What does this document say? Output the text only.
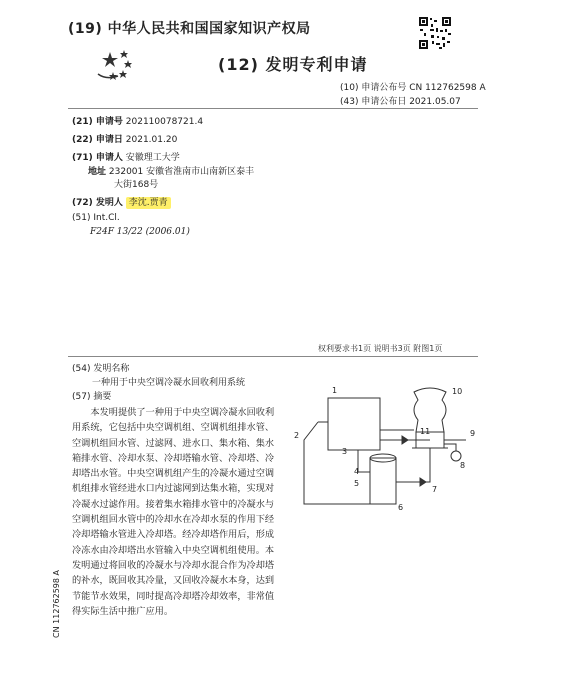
(19) 中华人民共和国国家知识产权局
(12) 发明专利申请
(10) 申请公布号 CN 112762598 A
(43) 申请公布日 2021.05.07
(21) 申请号 202110078721.4
(22) 申请日 2021.01.20
(71) 申请人 安徽理工大学
地址 232001 安徽省淮南市山南新区泰丰
大街168号
(72) 发明人 李沈.贾青
(51) Int.Cl.
F24F 13/22 (2006.01)
权利要求书1页 说明书3页 附图1页
(54) 发明名称
一种用于中央空调冷凝水回收利用系统
(57) 摘要
本发明提供了一种用于中央空调冷凝水回收利用系统，它包括中央空调机组、空调机组排水管、空调机组回水管、过滤网、进水口、集水箱、集水箱排水管、冷却水泵、冷却塔输水管、冷却塔、冷却塔出水管。中央空调机组产生的冷凝水通过空调机组排水管经进水口内过滤网到达集水箱，实现对冷凝水过滤作用。接着集水箱排水管中的冷凝水与空调机组回水管中的冷却水在冷却水泵的作用下经冷却塔输水管进入冷却塔。经冷却塔作用后，形成冷冻水由冷却塔出水管输入中央空调机组使用。本发明通过将回收的冷凝水与冷却水混合作为冷却塔的补水，既回收其冷量，又回收冷凝水本身，达到节能节水效果，同时提高冷却塔冷却效率，非常值得实际生活中推广应用。
CN 112762598 A
1
2
3
4
5
6
7
8
9
10
11
